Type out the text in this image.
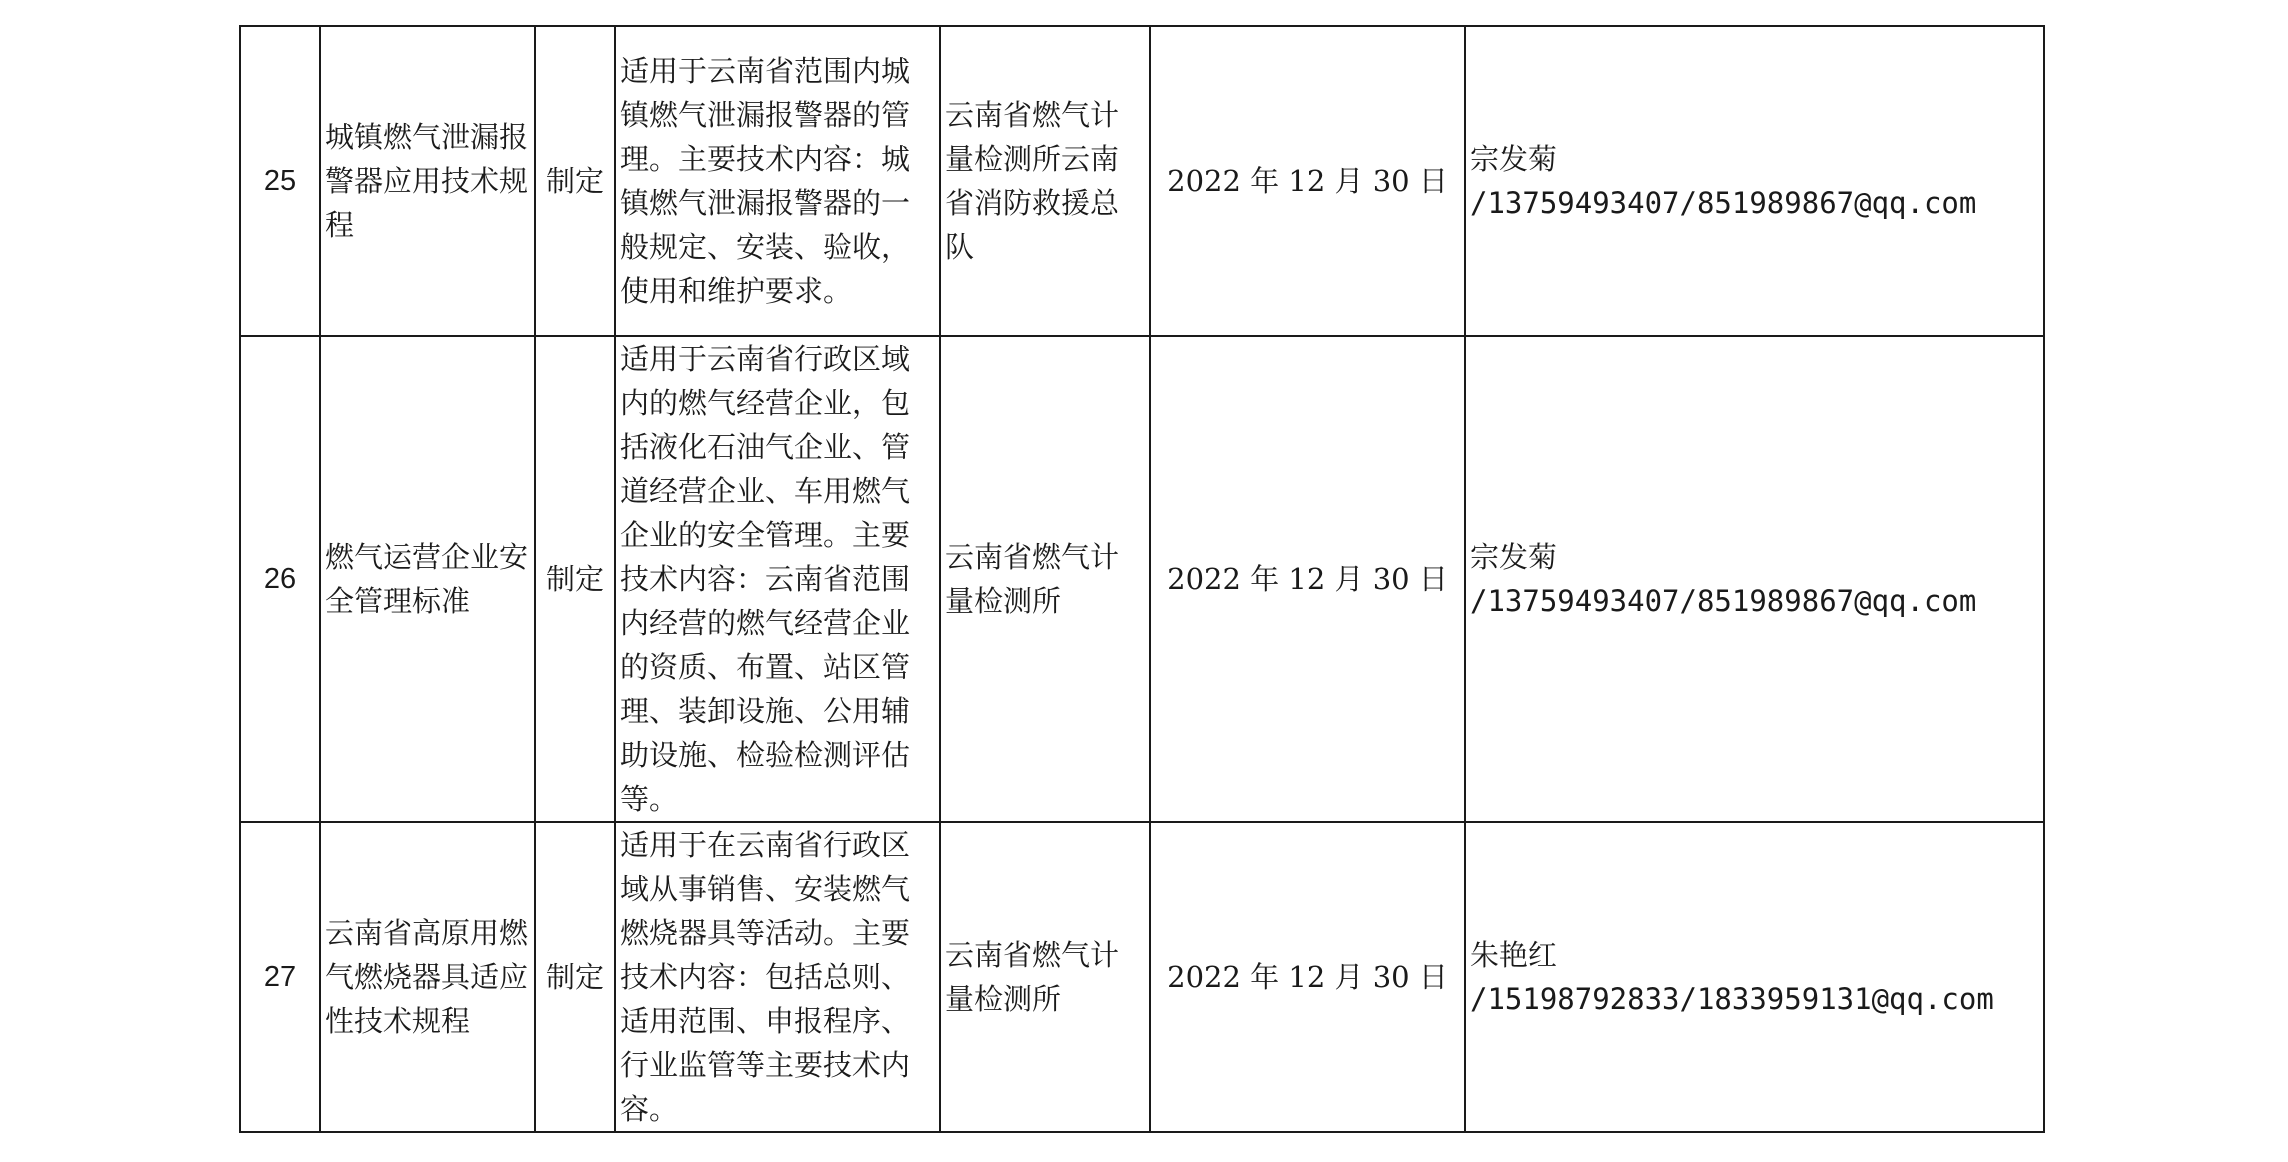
25	城镇燃气泄漏报警器应用技术规程	制定	适用于云南省范围内城镇燃气泄漏报警器的管理。主要技术内容：城镇燃气泄漏报警器的一般规定、安装、验收，使用和维护要求。	云南省燃气计量检测所云南省消防救援总队	2022 年 12 月 30 日	宗发菊
/13759493407/851989867@qq.com

26	燃气运营企业安全管理标准	制定	适用于云南省行政区域内的燃气经营企业，包括液化石油气企业、管道经营企业、车用燃气企业的安全管理。主要技术内容：云南省范围内经营的燃气经营企业的资质、布置、站区管理、装卸设施、公用辅助设施、检验检测评估等。	云南省燃气计量检测所	2022 年 12 月 30 日	宗发菊
/13759493407/851989867@qq.com

27	云南省高原用燃气燃烧器具适应性技术规程	制定	适用于在云南省行政区域从事销售、安装燃气燃烧器具等活动。主要技术内容：包括总则、适用范围、申报程序、行业监管等主要技术内容。	云南省燃气计量检测所	2022 年 12 月 30 日	朱艳红
/15198792833/1833959131@qq.com
